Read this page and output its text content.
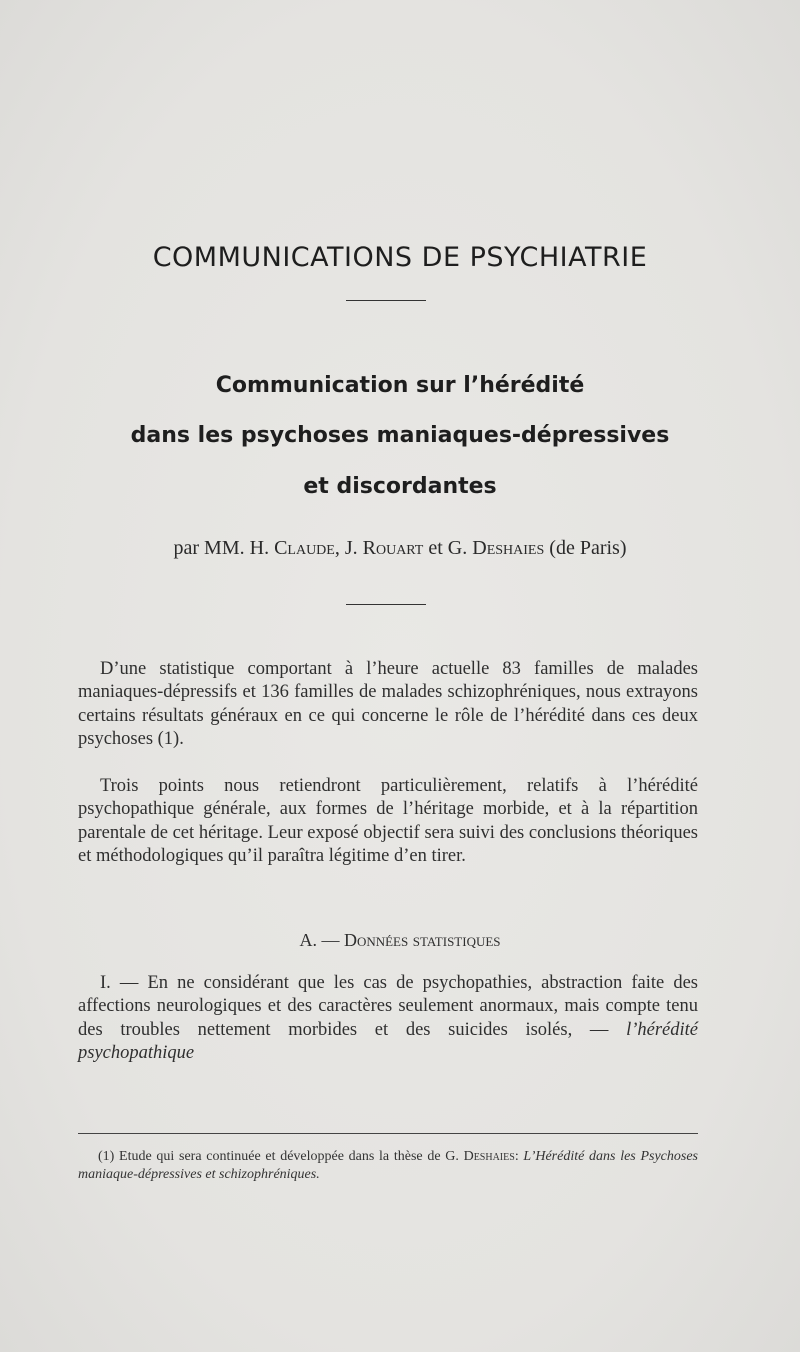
COMMUNICATIONS DE PSYCHIATRIE
Communication sur l’hérédité
dans les psychoses maniaques-dépressives
et discordantes
par MM. H. Claude, J. Rouart et G. Deshaies (de Paris)
D’une statistique comportant à l’heure actuelle 83 familles de malades maniaques-dépressifs et 136 familles de malades schizophréniques, nous extrayons certains résultats généraux en ce qui concerne le rôle de l’hérédité dans ces deux psychoses (1).
Trois points nous retiendront particulièrement, relatifs à l’hérédité psychopathique générale, aux formes de l’héritage morbide, et à la répartition parentale de cet héritage. Leur exposé objectif sera suivi des conclusions théoriques et méthodologiques qu’il paraîtra légitime d’en tirer.
A. — Données statistiques
I. — En ne considérant que les cas de psychopathies, abstraction faite des affections neurologiques et des caractères seulement anormaux, mais compte tenu des troubles nettement morbides et des suicides isolés, — l’hérédité psychopathique
(1) Etude qui sera continuée et développée dans la thèse de G. Deshaies: L’Hérédité dans les Psychoses maniaque-dépressives et schizophréniques.
